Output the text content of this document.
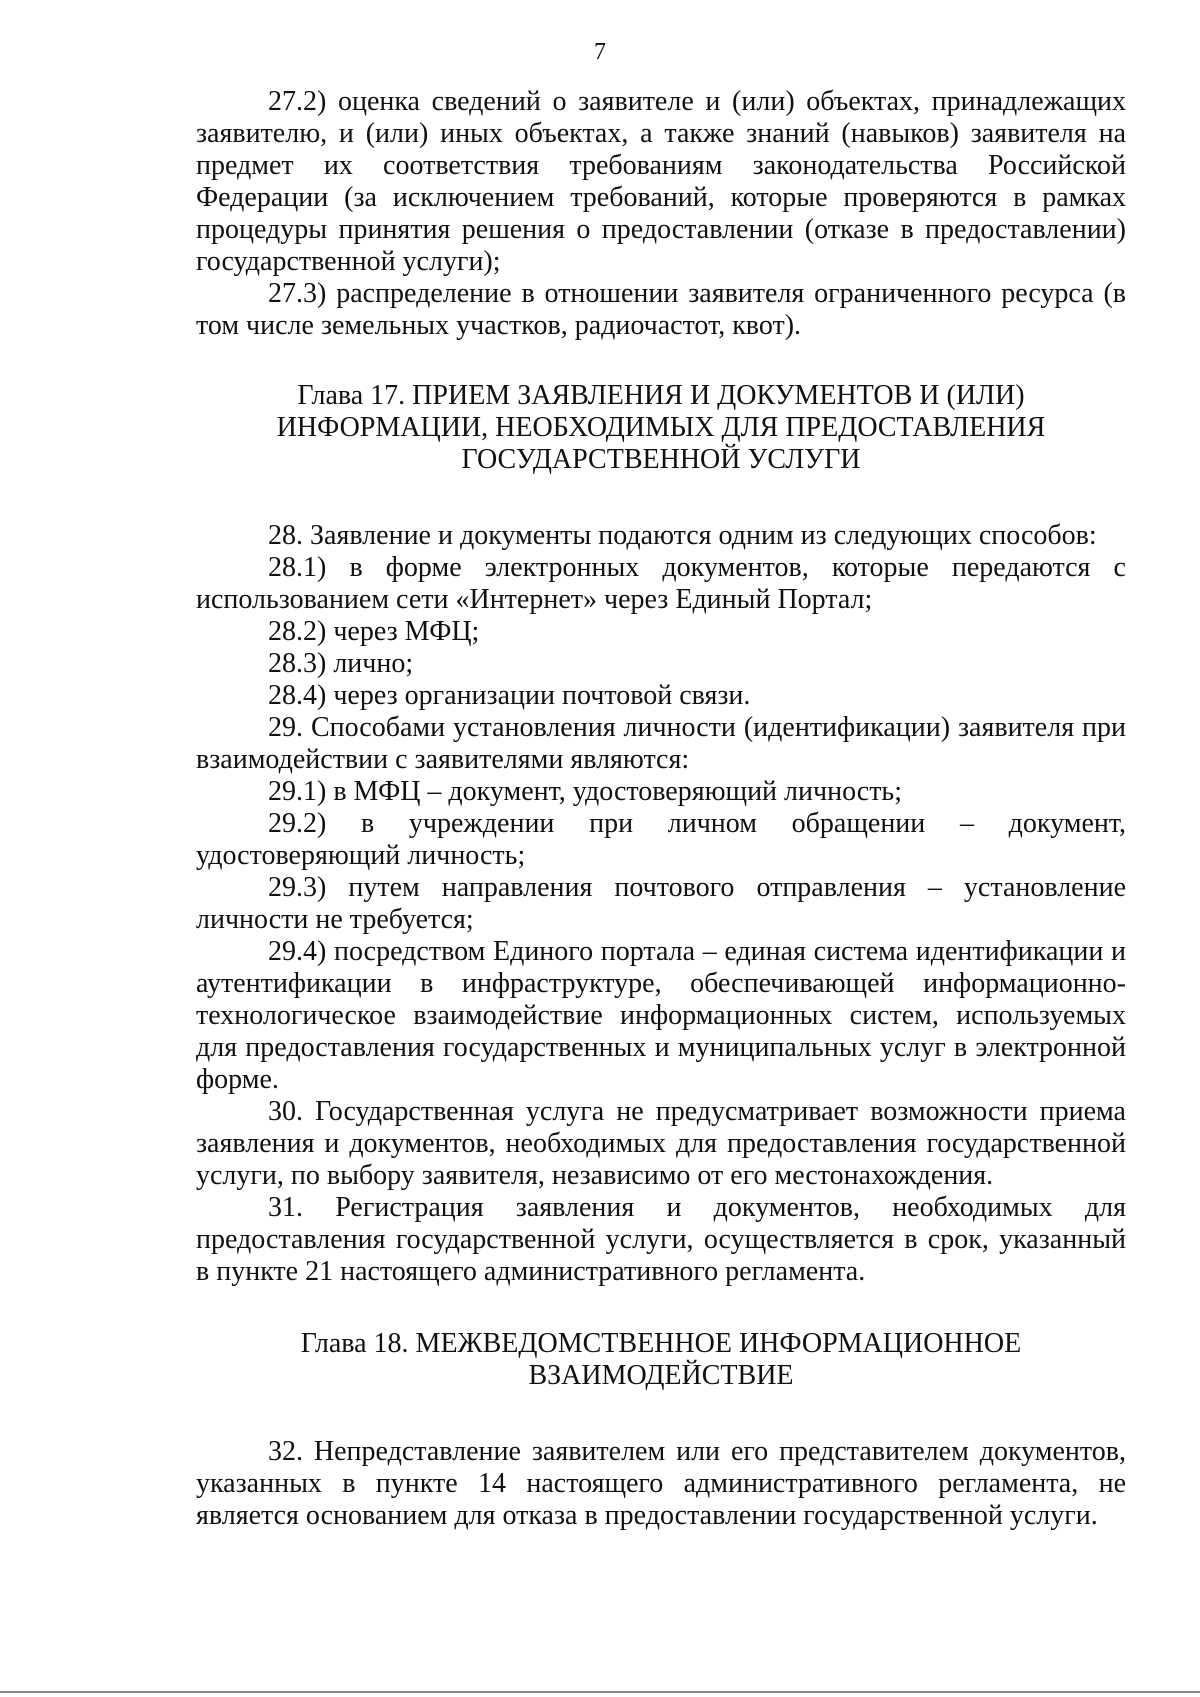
7

27.2) оценка сведений о заявителе и (или) объектах, принадлежащих заявителю, и (или) иных объектах, а также знаний (навыков) заявителя на предмет их соответствия требованиям законодательства Российской Федерации (за исключением требований, которые проверяются в рамках процедуры принятия решения о предоставлении (отказе в предоставлении) государственной услуги);

27.3) распределение в отношении заявителя ограниченного ресурса (в том числе земельных участков, радиочастот, квот).

Глава 17. ПРИЕМ ЗАЯВЛЕНИЯ И ДОКУМЕНТОВ И (ИЛИ)
ИНФОРМАЦИИ, НЕОБХОДИМЫХ ДЛЯ ПРЕДОСТАВЛЕНИЯ
ГОСУДАРСТВЕННОЙ УСЛУГИ

28. Заявление и документы подаются одним из следующих способов:

28.1) в форме электронных документов, которые передаются с использованием сети «Интернет» через Единый Портал;

28.2) через МФЦ;

28.3) лично;

28.4) через организации почтовой связи.

29. Способами установления личности (идентификации) заявителя при взаимодействии с заявителями являются:

29.1) в МФЦ – документ, удостоверяющий личность;

29.2) в учреждении при личном обращении – документ, удостоверяющий личность;

29.3) путем направления почтового отправления – установление личности не требуется;

29.4) посредством Единого портала – единая система идентификации и аутентификации в инфраструктуре, обеспечивающей информационно-технологическое взаимодействие информационных систем, используемых для предоставления государственных и муниципальных услуг в электронной форме.

30. Государственная услуга не предусматривает возможности приема заявления и документов, необходимых для предоставления государственной услуги, по выбору заявителя, независимо от его местонахождения.

31. Регистрация заявления и документов, необходимых для предоставления государственной услуги, осуществляется в срок, указанный в пункте 21 настоящего административного регламента.

Глава 18. МЕЖВЕДОМСТВЕННОЕ ИНФОРМАЦИОННОЕ
ВЗАИМОДЕЙСТВИЕ

32. Непредставление заявителем или его представителем документов, указанных в пункте 14 настоящего административного регламента, не является основанием для отказа в предоставлении государственной услуги.
